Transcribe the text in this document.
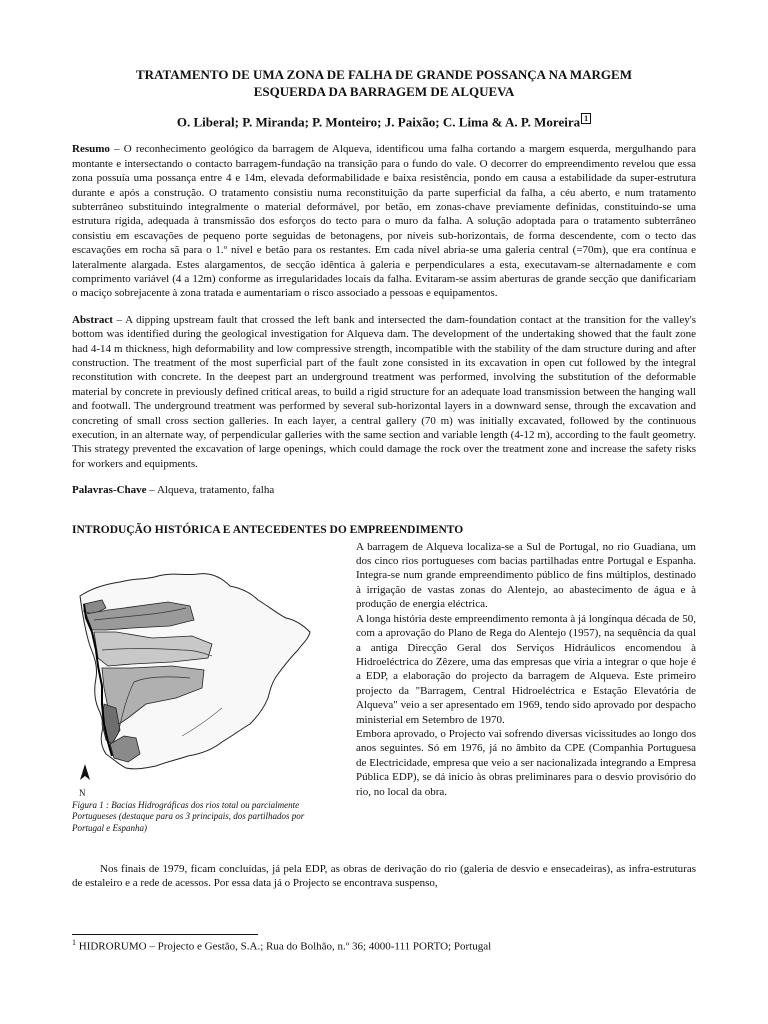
TRATAMENTO DE UMA ZONA DE FALHA DE GRANDE POSSANÇA NA MARGEM
ESQUERDA DA BARRAGEM DE ALQUEVA

O. Liberal; P. Miranda; P. Monteiro; J. Paixão; C. Lima & A. P. Moreira 1

Resumo – O reconhecimento geológico da barragem de Alqueva, identificou uma falha cortando a margem esquerda, mergulhando para montante e intersectando o contacto barragem-fundação na transição para o fundo do vale. O decorrer do empreendimento revelou que essa zona possuía uma possança entre 4 e 14m, elevada deformabilidade e baixa resistência, pondo em causa a estabilidade da super-estrutura durante e após a construção. O tratamento consistiu numa reconstituição da parte superficial da falha, a céu aberto, e num tratamento subterrâneo substituindo integralmente o material deformável, por betão, em zonas-chave previamente definidas, constituindo-se uma estrutura rígida, adequada à transmissão dos esforços do tecto para o muro da falha. A solução adoptada para o tratamento subterrâneo consistiu em escavações de pequeno porte seguidas de betonagens, por níveis sub-horizontais, de forma descendente, com o tecto das escavações em rocha sã para o 1.º nível e betão para os restantes. Em cada nível abria-se uma galeria central (=70m), que era contínua e lateralmente alargada. Estes alargamentos, de secção idêntica à galeria e perpendiculares a esta, executavam-se alternadamente e com comprimento variável (4 a 12m) conforme as irregularidades locais da falha. Evitaram-se assim aberturas de grande secção que danificariam o maciço sobrejacente à zona tratada e aumentariam o risco associado a pessoas e equipamentos.

Abstract – A dipping upstream fault that crossed the left bank and intersected the dam-foundation contact at the transition for the valley's bottom was identified during the geological investigation for Alqueva dam. The development of the undertaking showed that the fault zone had 4-14 m thickness, high deformability and low compressive strength, incompatible with the stability of the dam structure during and after construction. The treatment of the most superficial part of the fault zone consisted in its excavation in open cut followed by the integral reconstitution with concrete. In the deepest part an underground treatment was performed, involving the substitution of the deformable material by concrete in previously defined critical areas, to build a rigid structure for an adequate load transmission between the hanging wall and footwall. The underground treatment was performed by several sub-horizontal layers in a downward sense, through the excavation and concreting of small cross section galleries. In each layer, a central gallery (70 m) was initially excavated, followed by the continuous execution, in an alternate way, of perpendicular galleries with the same section and variable length (4-12 m), according to the fault geometry. This strategy prevented the excavation of large openings, which could damage the rock over the treatment zone and increase the safety risks for workers and equipments.

Palavras-Chave – Alqueva, tratamento, falha

INTRODUÇÃO HISTÓRICA E ANTECEDENTES DO EMPREENDIMENTO
N
Figura 1 : Bacias Hidrográficas dos rios total ou parcialmente Portugueses (destaque para os 3 principais, dos partilhados por Portugal e Espanha)

A barragem de Alqueva localiza-se a Sul de Portugal, no rio Guadiana, um dos cinco rios portugueses com bacias partilhadas entre Portugal e Espanha. Integra-se num grande empreendimento público de fins múltiplos, destinado à irrigação de vastas zonas do Alentejo, ao abastecimento de água e à produção de energia eléctrica.

A longa história deste empreendimento remonta à já longínqua década de 50, com a aprovação do Plano de Rega do Alentejo (1957), na sequência da qual a antiga Direcção Geral dos Serviços Hidráulicos encomendou à Hidroeléctrica do Zêzere, uma das empresas que viria a integrar o que hoje é a EDP, a elaboração do projecto da barragem de Alqueva. Este primeiro projecto da "Barragem, Central Hidroeléctrica e Estação Elevatória de Alqueva" veio a ser apresentado em 1969, tendo sido aprovado por despacho ministerial em Setembro de 1970.

Embora aprovado, o Projecto vai sofrendo diversas vicissitudes ao longo dos anos seguintes. Só em 1976, já no âmbito da CPE (Companhia Portuguesa de Electricidade, empresa que veio a ser nacionalizada integrando a Empresa Pública EDP), se dá início às obras preliminares para o desvio provisório do rio, no local da obra.

Nos finais de 1979, ficam concluídas, já pela EDP, as obras de derivação do rio (galeria de desvio e ensecadeiras), as infra-estruturas de estaleiro e a rede de acessos. Por essa data já o Projecto se encontrava suspenso,

$^1$ HIDRORUMO – Projecto e Gestão, S.A.; Rua do Bolhão, n.º 36; 4000-111 PORTO; Portugal
